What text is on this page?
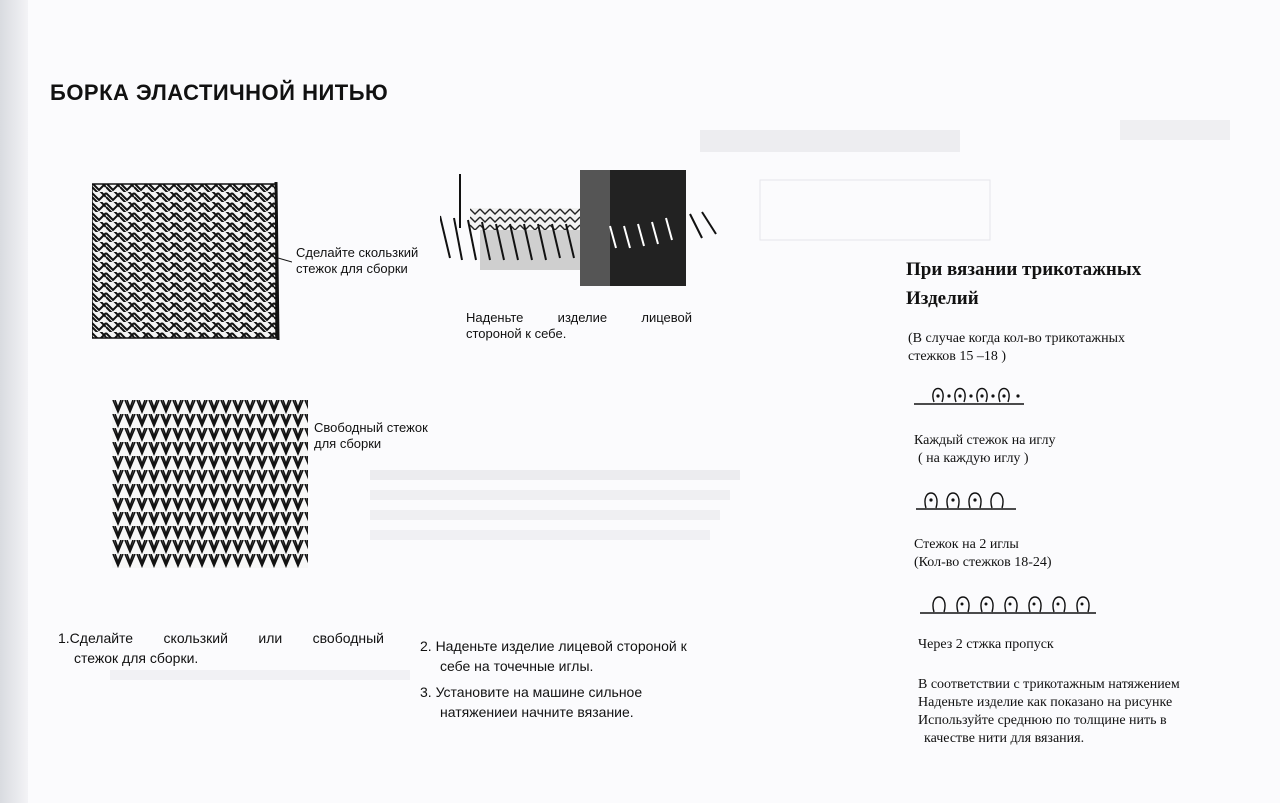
БОРКА ЭЛАСТИЧНОЙ НИТЬЮ
Сделайте скользкий
стежок для сборки
Свободный стежок
для сборки
Наденьте изделие лицевой
стороной к себе.
1.Сделайте скользкий или свободный
стежок для сборки.
2. Наденьте изделие лицевой стороной к
себе на точечные иглы.
3. Установите на машине сильное
натяжениеи начните вязание.
При вязании трикотажных
Изделий
(В случае когда кол-во трикотажных
стежков 15 –18 )
Каждый стежок на иглу
( на каждую иглу )
Стежок на 2 иглы
(Кол-во стежков 18-24)
Через 2 стжка пропуск
В соответствии с трикотажным натяжением
Наденьте изделие как показано на рисунке
Используйте среднюю по толщине нить в
качестве нити для вязания.
